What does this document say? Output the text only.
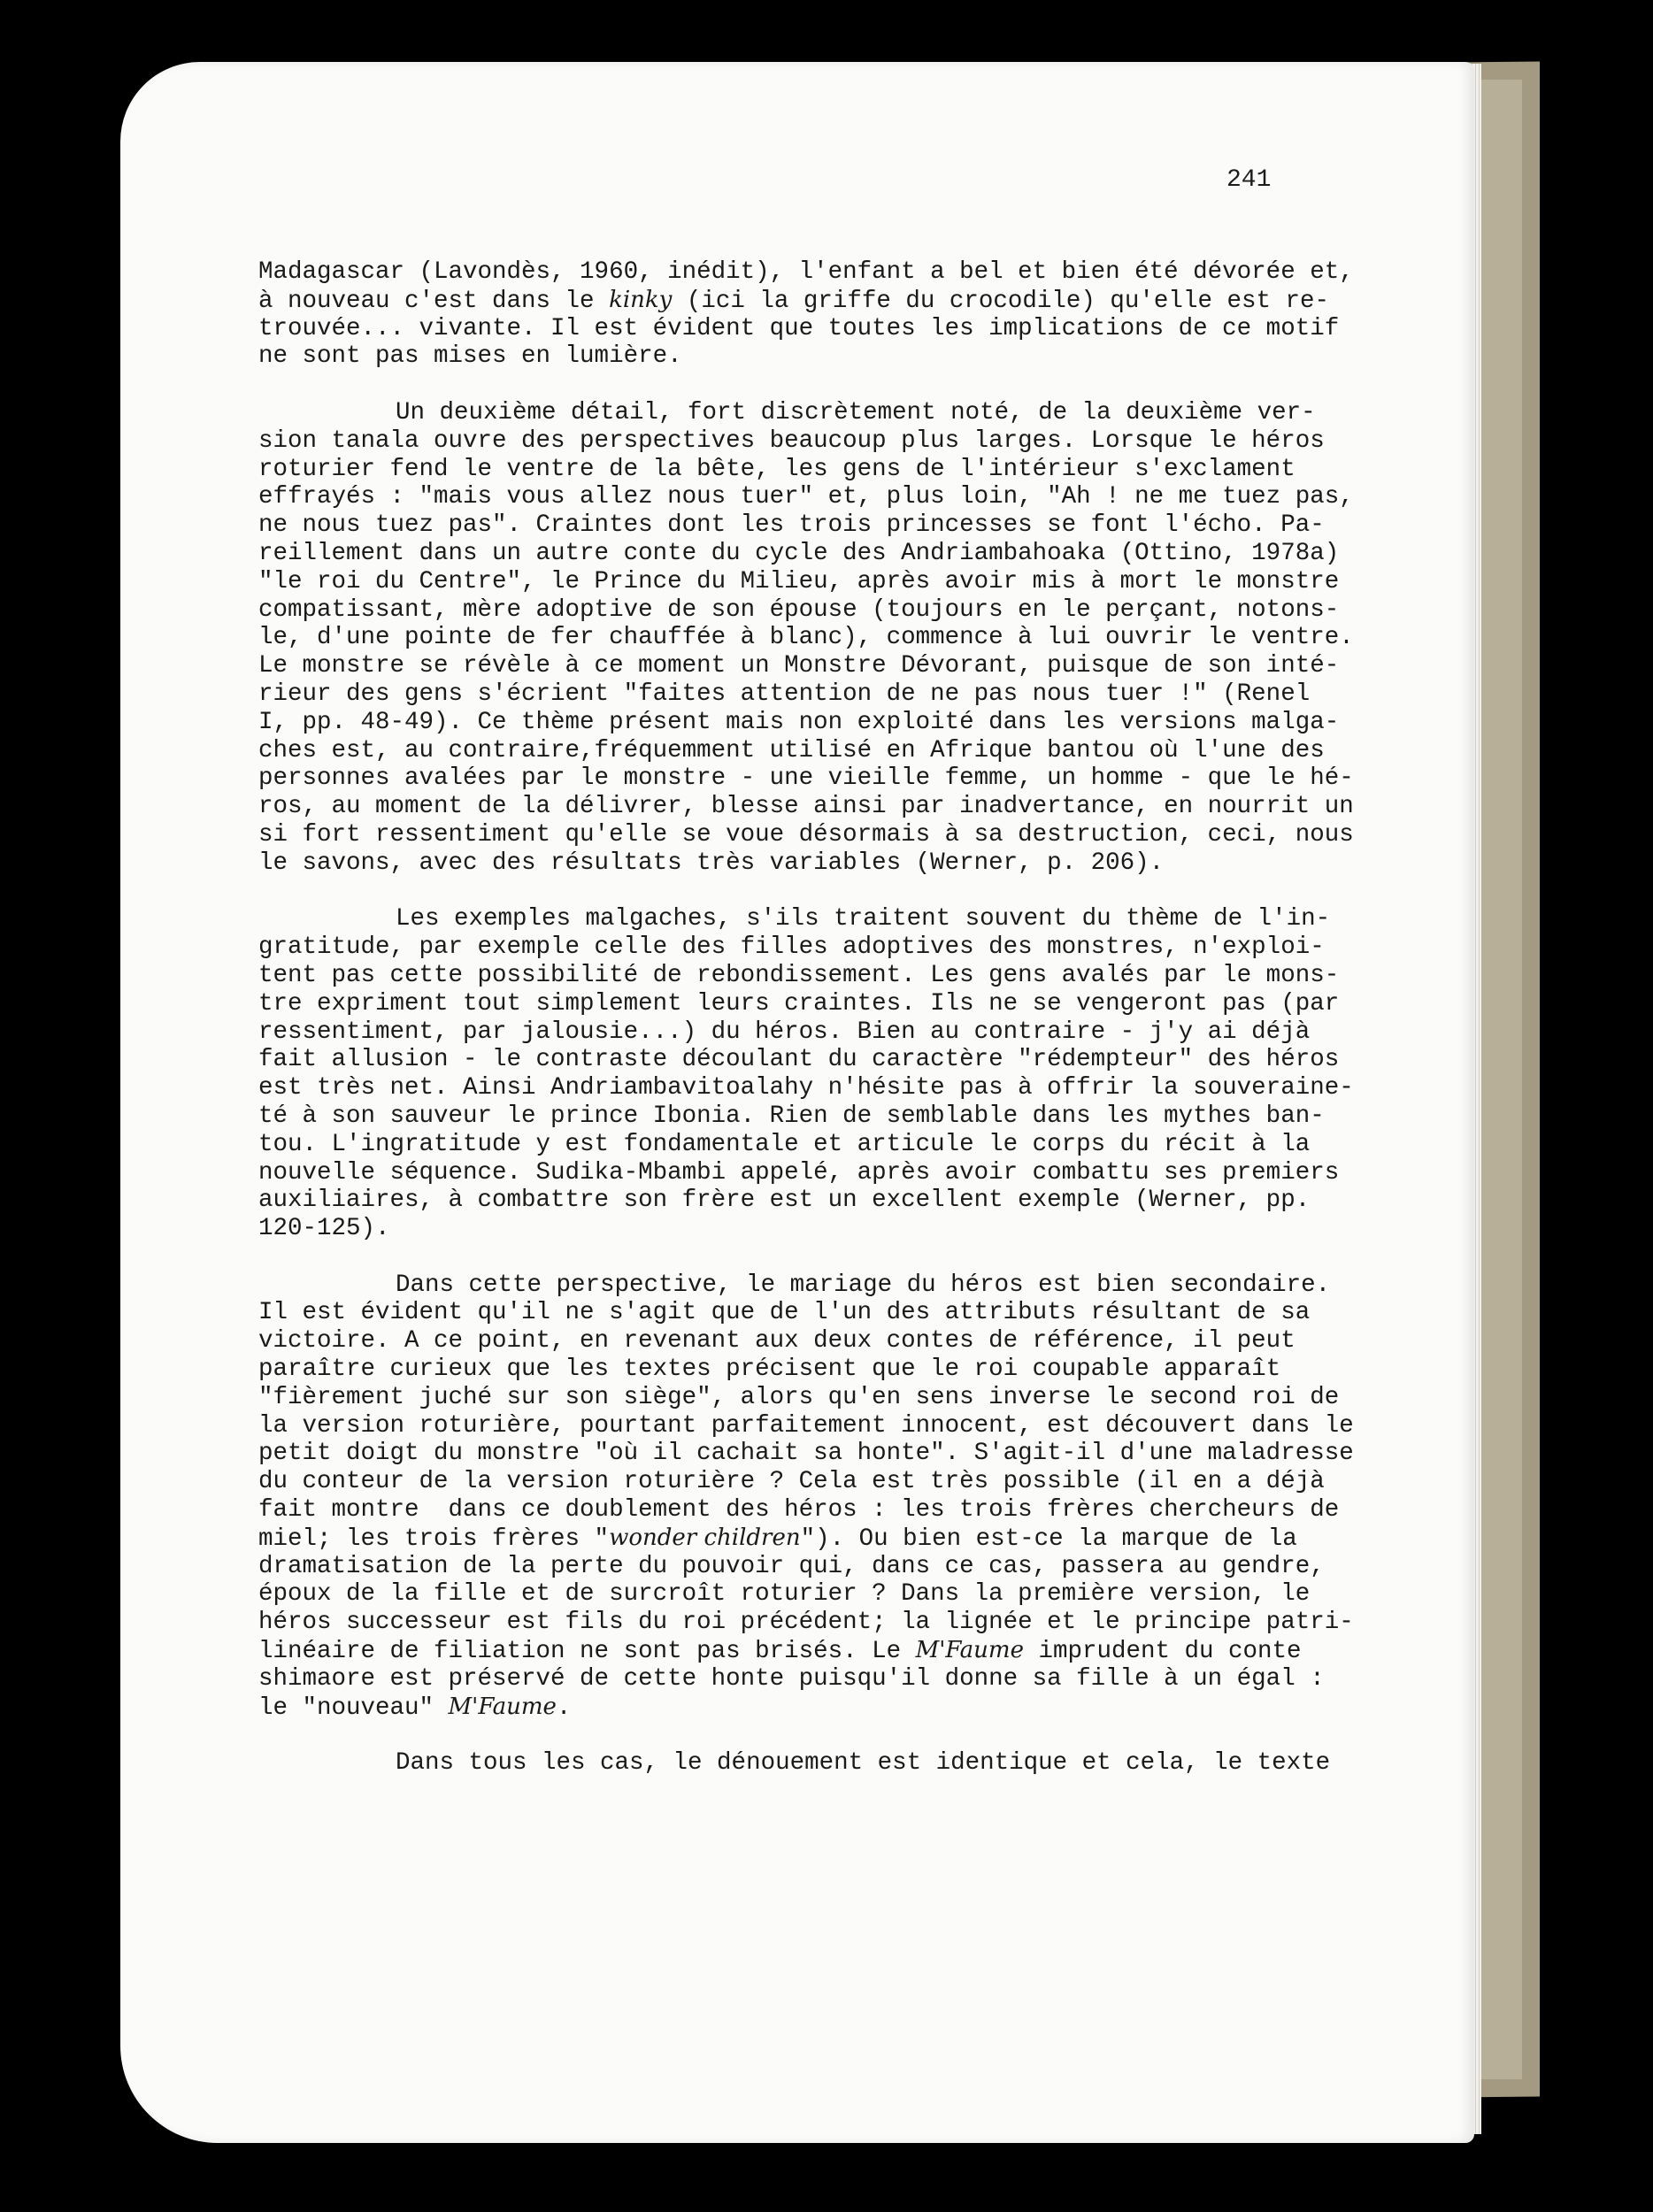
241
Madagascar (Lavondès, 1960, inédit), l'enfant a bel et bien été dévorée et,
à nouveau c'est dans le kinky (ici la griffe du crocodile) qu'elle est re-
trouvée... vivante. Il est évident que toutes les implications de ce motif
ne sont pas mises en lumière.
Un deuxième détail, fort discrètement noté, de la deuxième ver-
sion tanala ouvre des perspectives beaucoup plus larges. Lorsque le héros
roturier fend le ventre de la bête, les gens de l'intérieur s'exclament
effrayés : "mais vous allez nous tuer" et, plus loin, "Ah ! ne me tuez pas,
ne nous tuez pas". Craintes dont les trois princesses se font l'écho. Pa-
reillement dans un autre conte du cycle des Andriambahoaka (Ottino, 1978a)
"le roi du Centre", le Prince du Milieu, après avoir mis à mort le monstre
compatissant, mère adoptive de son épouse (toujours en le perçant, notons-
le, d'une pointe de fer chauffée à blanc), commence à lui ouvrir le ventre.
Le monstre se révèle à ce moment un Monstre Dévorant, puisque de son inté-
rieur des gens s'écrient "faites attention de ne pas nous tuer !" (Renel
I, pp. 48-49). Ce thème présent mais non exploité dans les versions malga-
ches est, au contraire,fréquemment utilisé en Afrique bantou où l'une des
personnes avalées par le monstre - une vieille femme, un homme - que le hé-
ros, au moment de la délivrer, blesse ainsi par inadvertance, en nourrit un
si fort ressentiment qu'elle se voue désormais à sa destruction, ceci, nous
le savons, avec des résultats très variables (Werner, p. 206).
Les exemples malgaches, s'ils traitent souvent du thème de l'in-
gratitude, par exemple celle des filles adoptives des monstres, n'exploi-
tent pas cette possibilité de rebondissement. Les gens avalés par le mons-
tre expriment tout simplement leurs craintes. Ils ne se vengeront pas (par
ressentiment, par jalousie...) du héros. Bien au contraire - j'y ai déjà
fait allusion - le contraste découlant du caractère "rédempteur" des héros
est très net. Ainsi Andriambavitoalahy n'hésite pas à offrir la souveraine-
té à son sauveur le prince Ibonia. Rien de semblable dans les mythes ban-
tou. L'ingratitude y est fondamentale et articule le corps du récit à la
nouvelle séquence. Sudika-Mbambi appelé, après avoir combattu ses premiers
auxiliaires, à combattre son frère est un excellent exemple (Werner, pp.
120-125).
Dans cette perspective, le mariage du héros est bien secondaire.
Il est évident qu'il ne s'agit que de l'un des attributs résultant de sa
victoire. A ce point, en revenant aux deux contes de référence, il peut
paraître curieux que les textes précisent que le roi coupable apparaît
"fièrement juché sur son siège", alors qu'en sens inverse le second roi de
la version roturière, pourtant parfaitement innocent, est découvert dans le
petit doigt du monstre "où il cachait sa honte". S'agit-il d'une maladresse
du conteur de la version roturière ? Cela est très possible (il en a déjà
fait montre  dans ce doublement des héros : les trois frères chercheurs de
miel; les trois frères "wonder children"). Ou bien est-ce la marque de la
dramatisation de la perte du pouvoir qui, dans ce cas, passera au gendre,
époux de la fille et de surcroît roturier ? Dans la première version, le
héros successeur est fils du roi précédent; la lignée et le principe patri-
linéaire de filiation ne sont pas brisés. Le M'Faume imprudent du conte
shimaore est préservé de cette honte puisqu'il donne sa fille à un égal :
le "nouveau" M'Faume.
Dans tous les cas, le dénouement est identique et cela, le texte
